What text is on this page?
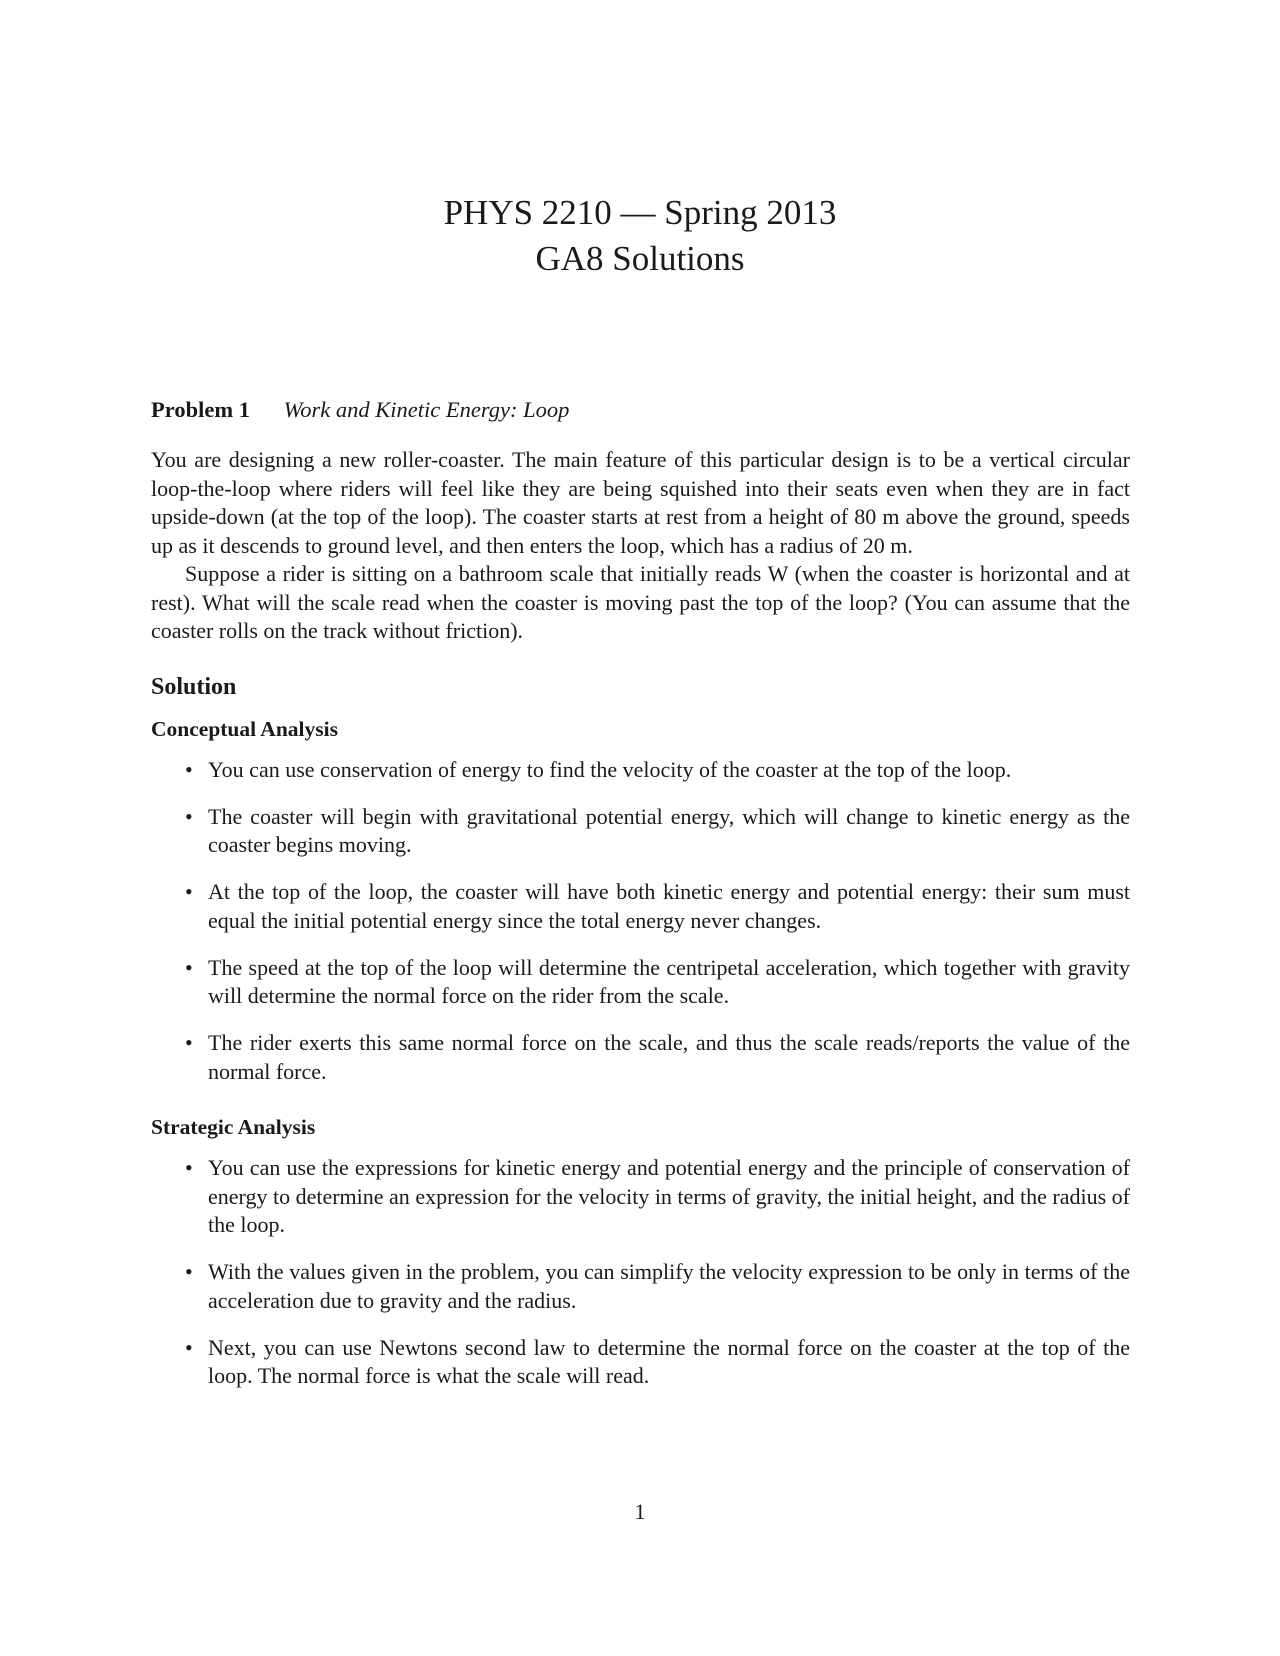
PHYS 2210 — Spring 2013
GA8 Solutions
Problem 1 Work and Kinetic Energy: Loop

You are designing a new roller-coaster. The main feature of this particular design is to be a vertical circular loop-the-loop where riders will feel like they are being squished into their seats even when they are in fact upside-down (at the top of the loop). The coaster starts at rest from a height of 80 m above the ground, speeds up as it descends to ground level, and then enters the loop, which has a radius of 20 m.

Suppose a rider is sitting on a bathroom scale that initially reads W (when the coaster is horizontal and at rest). What will the scale read when the coaster is moving past the top of the loop? (You can assume that the coaster rolls on the track without friction).

Solution
Conceptual Analysis
• You can use conservation of energy to find the velocity of the coaster at the top of the loop.
• The coaster will begin with gravitational potential energy, which will change to kinetic energy as the coaster begins moving.
• At the top of the loop, the coaster will have both kinetic energy and potential energy: their sum must equal the initial potential energy since the total energy never changes.
• The speed at the top of the loop will determine the centripetal acceleration, which together with gravity will determine the normal force on the rider from the scale.
• The rider exerts this same normal force on the scale, and thus the scale reads/reports the value of the normal force.
Strategic Analysis
• You can use the expressions for kinetic energy and potential energy and the principle of conservation of energy to determine an expression for the velocity in terms of gravity, the initial height, and the radius of the loop.
• With the values given in the problem, you can simplify the velocity expression to be only in terms of the acceleration due to gravity and the radius.
• Next, you can use Newtons second law to determine the normal force on the coaster at the top of the loop. The normal force is what the scale will read.
1
